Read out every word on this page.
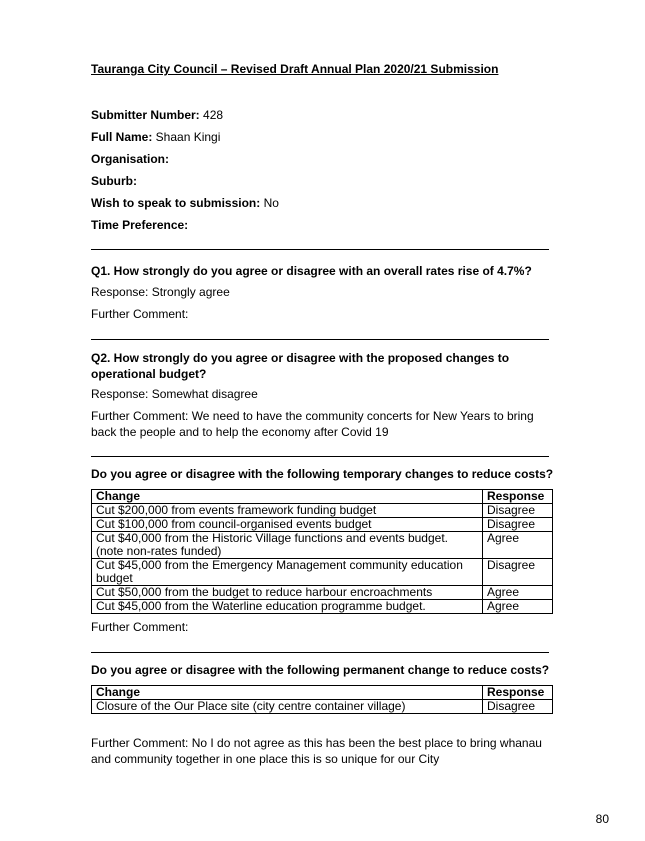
Tauranga City Council – Revised Draft Annual Plan 2020/21 Submission
Submitter Number: 428
Full Name: Shaan Kingi
Organisation:
Suburb:
Wish to speak to submission: No
Time Preference:
Q1. How strongly do you agree or disagree with an overall rates rise of 4.7%?
Response: Strongly agree
Further Comment:
Q2. How strongly do you agree or disagree with the proposed changes to operational budget?
Response: Somewhat disagree
Further Comment: We need to have the community concerts for New Years to bring back the people and to help the economy after Covid 19
Do you agree or disagree with the following temporary changes to reduce costs?
Change	Response
Cut $200,000 from events framework funding budget	Disagree
Cut $100,000 from council-organised events budget	Disagree

Cut $40,000 from the Historic Village functions and events budget.
(note non-rates funded)	Agree
Cut $45,000 from the Emergency Management community education budget	Disagree
Cut $50,000 from the budget to reduce harbour encroachments	Agree
Cut $45,000 from the Waterline education programme budget.	Agree
Further Comment:
Do you agree or disagree with the following permanent change to reduce costs?
Change	Response
Closure of the Our Place site (city centre container village)	Disagree
Further Comment: No I do not agree as this has been the best place to bring whanau and community together in one place this is so unique for our City
80
